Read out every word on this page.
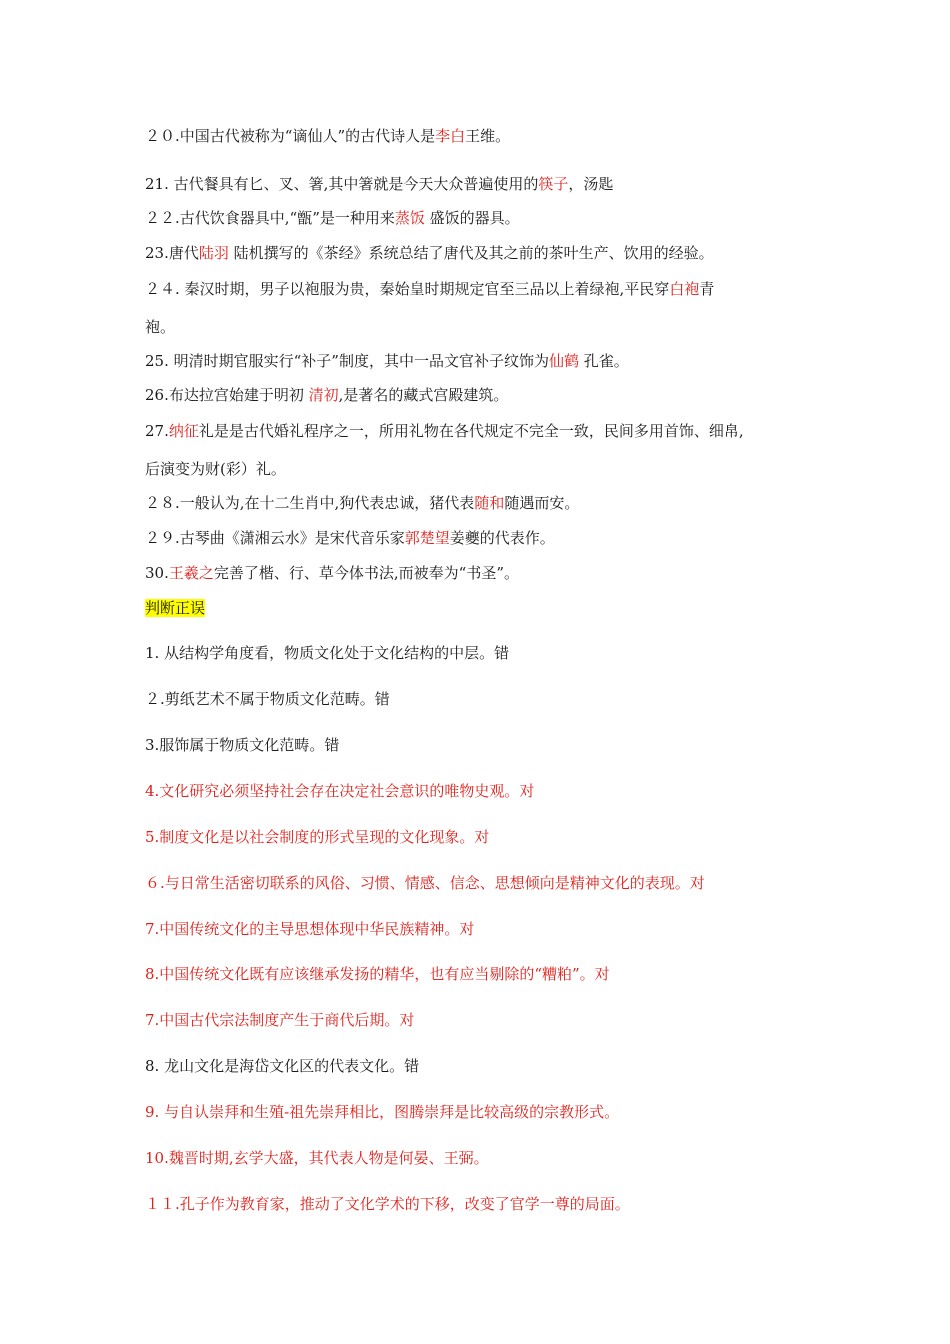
２０.中国古代被称为“谪仙人”的古代诗人是李白王维。
21. 古代餐具有匕、叉、箸,其中箸就是今天大众普遍使用的筷子，汤匙
２２.古代饮食器具中,“甑”是一种用来蒸饭 盛饭的器具。
23.唐代陆羽 陆机撰写的《茶经》系统总结了唐代及其之前的茶叶生产、饮用的经验。
２４. 秦汉时期，男子以袍服为贵，秦始皇时期规定官至三品以上着绿袍,平民穿白袍青
袍。
25. 明清时期官服实行“补子”制度，其中一品文官补子纹饰为仙鹤 孔雀。
26.布达拉宫始建于明初 清初,是著名的藏式宫殿建筑。
27.纳征礼是是古代婚礼程序之一，所用礼物在各代规定不完全一致，民间多用首饰、细帛,
后演变为财(彩）礼。
２８.一般认为,在十二生肖中,狗代表忠诚，猪代表随和随遇而安。
２９.古琴曲《潇湘云水》是宋代音乐家郭楚望姜夔的代表作。
30.王羲之完善了楷、行、草今体书法,而被奉为“书圣”。
判断正误
1. 从结构学角度看，物质文化处于文化结构的中层。错
２.剪纸艺术不属于物质文化范畴。错
3.服饰属于物质文化范畴。错
4.文化研究必须坚持社会存在决定社会意识的唯物史观。对
5.制度文化是以社会制度的形式呈现的文化现象。对
６.与日常生活密切联系的风俗、习惯、情感、信念、思想倾向是精神文化的表现。对
7.中国传统文化的主导思想体现中华民族精神。对
8.中国传统文化既有应该继承发扬的精华，也有应当剔除的“糟粕”。对
7.中国古代宗法制度产生于商代后期。对
8. 龙山文化是海岱文化区的代表文化。错
9. 与自认崇拜和生殖-祖先崇拜相比，图腾崇拜是比较高级的宗教形式。
10.魏晋时期,玄学大盛，其代表人物是何晏、王弼。
１１.孔子作为教育家，推动了文化学术的下移，改变了官学一尊的局面。
